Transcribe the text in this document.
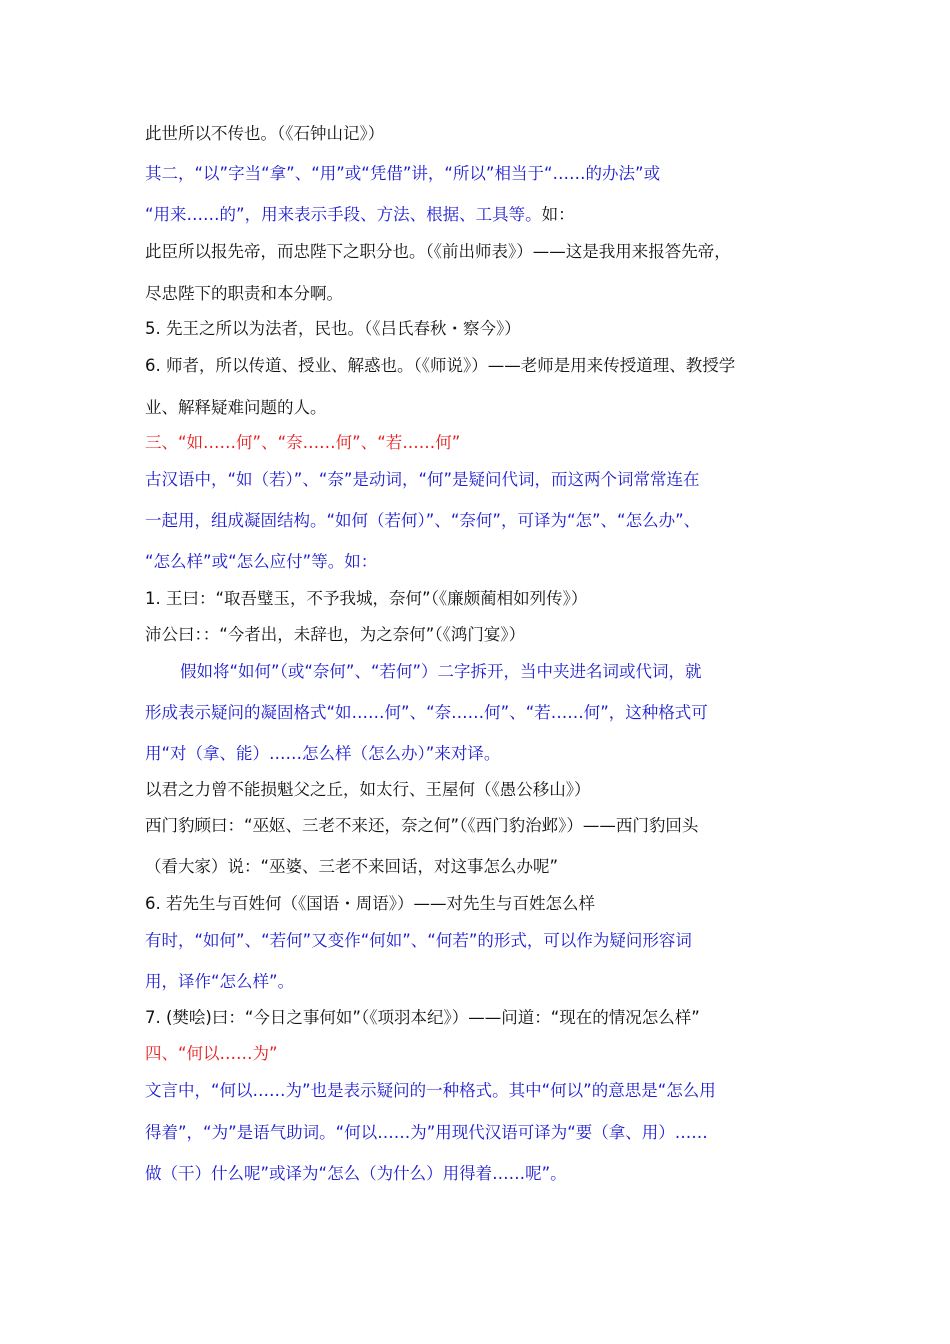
此世所以不传也。（《石钟山记》）
其二，“以”字当“拿”、“用”或“凭借”讲，“所以”相当于“……的办法”或
“用来……的”，用来表示手段、方法、根据、工具等。如：
此臣所以报先帝，而忠陛下之职分也。（《前出师表》）——这是我用来报答先帝，
尽忠陛下的职责和本分啊。
5. 先王之所以为法者，民也。（《吕氏春秋・察今》）
6. 师者，所以传道、授业、解惑也。（《师说》）——老师是用来传授道理、教授学
业、解释疑难问题的人。
三、“如……何”、“奈……何”、“若……何”
古汉语中，“如（若）”、“奈”是动词，“何”是疑问代词，而这两个词常常连在
一起用，组成凝固结构。“如何（若何）”、“奈何”，可译为“怎”、“怎么办”、
“怎么样”或“怎么应付”等。如：
1. 王曰：“取吾璧玉，不予我城，奈何”（《廉颇蔺相如列传》）
沛公曰：：“今者出，未辞也，为之奈何”（《鸿门宴》）
假如将“如何”（或“奈何”、“若何”）二字拆开，当中夹进名词或代词，就
形成表示疑问的凝固格式“如……何”、“奈……何”、“若……何”，这种格式可
用“对（拿、能）……怎么样（怎么办）”来对译。
以君之力曾不能损魁父之丘，如太行、王屋何（《愚公移山》）
西门豹顾曰：“巫妪、三老不来还，奈之何”（《西门豹治邺》）——西门豹回头
（看大家）说：“巫婆、三老不来回话，对这事怎么办呢”
6. 若先生与百姓何（《国语・周语》）——对先生与百姓怎么样
有时，“如何”、“若何”又变作“何如”、“何若”的形式，可以作为疑问形容词
用，译作“怎么样”。
7. (樊哙)曰：“今日之事何如”（《项羽本纪》）——问道：“现在的情况怎么样”
四、“何以……为”
文言中，“何以……为”也是表示疑问的一种格式。其中“何以”的意思是“怎么用
得着”，“为”是语气助词。“何以……为”用现代汉语可译为“要（拿、用）……
做（干）什么呢”或译为“怎么（为什么）用得着……呢”。
